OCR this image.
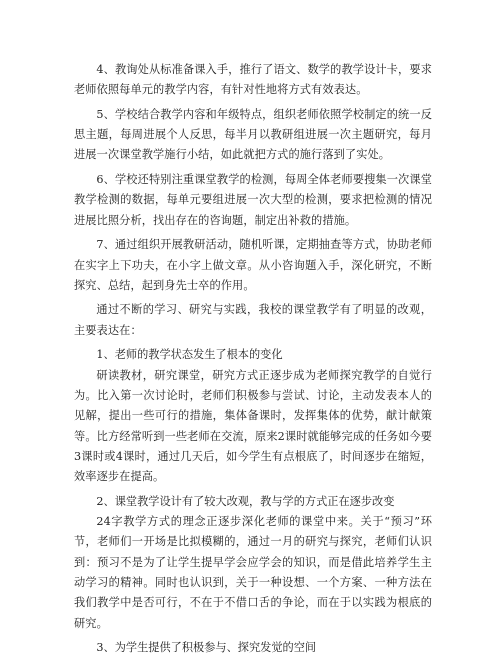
4、教询处从标准备课入手，推行了语文、数学的教学设计卡，要求老师依照每单元的教学内容，有针对性地将方式有效表达。

5、学校结合教学内容和年级特点，组织老师依照学校制定的统一反思主题，每周进展个人反思，每半月以教研组进展一次主题研究，每月进展一次课堂教学施行小结，如此就把方式的施行落到了实处。

6、学校还特别注重课堂教学的检测，每周全体老师要搜集一次课堂教学检测的数据，每单元要组进展一次大型的检测，要求把检测的情况进展比照分析，找出存在的咨询题，制定出补救的措施。

7、通过组织开展教研活动，随机听课，定期抽查等方式，协助老师在实字上下功夫，在小字上做文章。从小咨询题入手，深化研究，不断探究、总结，起到身先士卒的作用。

通过不断的学习、研究与实践，我校的课堂教学有了明显的改观，主要表达在：

1、老师的教学状态发生了根本的变化

研读教材，研究课堂，研究方式正逐步成为老师探究教学的自觉行为。比入第一次讨论时，老师们积极参与尝试、讨论，主动发表本人的见解，提出一些可行的措施，集体备课时，发挥集体的优势，献计献策等。比方经常听到一些老师在交流，原来2课时就能够完成的任务如今要3课时或4课时，通过几天后，如今学生有点根底了，时间逐步在缩短，效率逐步在提高。

2、课堂教学设计有了较大改观，教与学的方式正在逐步改变

24字教学方式的理念正逐步深化老师的课堂中来。关于“预习”环节，老师们一开场是比拟模糊的，通过一月的研究与探究，老师们认识到：预习不是为了让学生提早学会应学会的知识，而是借此培养学生主动学习的精神。同时也认识到，关于一种设想、一个方案、一种方法在我们教学中是否可行，不在于不借口舌的争论，而在于以实践为根底的研究。

3、为学生提供了积极参与、探究发觉的空间
